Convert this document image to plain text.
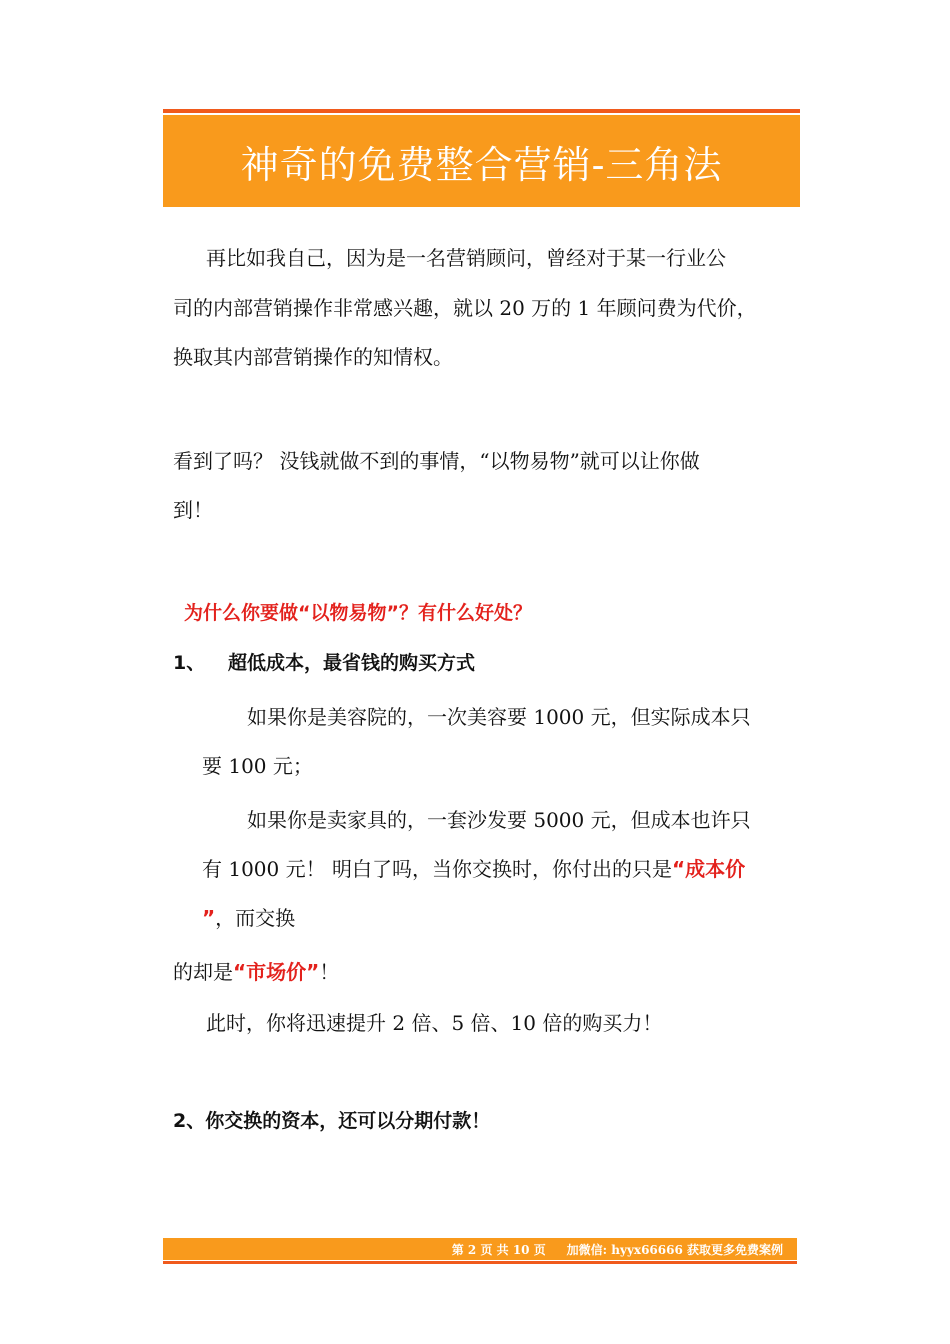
神奇的免费整合营销-三角法
再比如我自己，因为是一名营销顾问，曾经对于某一行业公
司的内部营销操作非常感兴趣，就以 20 万的 1 年顾问费为代价，
换取其内部营销操作的知情权。
看到了吗？ 没钱就做不到的事情，“以物易物”就可以让你做
到！
为什么你要做“以物易物”？有什么好处？
1、 超低成本，最省钱的购买方式
如果你是美容院的，一次美容要 1000 元，但实际成本只
要 100 元；
如果你是卖家具的，一套沙发要 5000 元，但成本也许只
有 1000 元！ 明白了吗，当你交换时，你付出的只是“成本价
”，而交换
的却是“市场价”！
此时，你将迅速提升 2 倍、5 倍、10 倍的购买力！
2、你交换的资本，还可以分期付款！
第 2 页 共 10 页 加微信: hyyx66666 获取更多免费案例
